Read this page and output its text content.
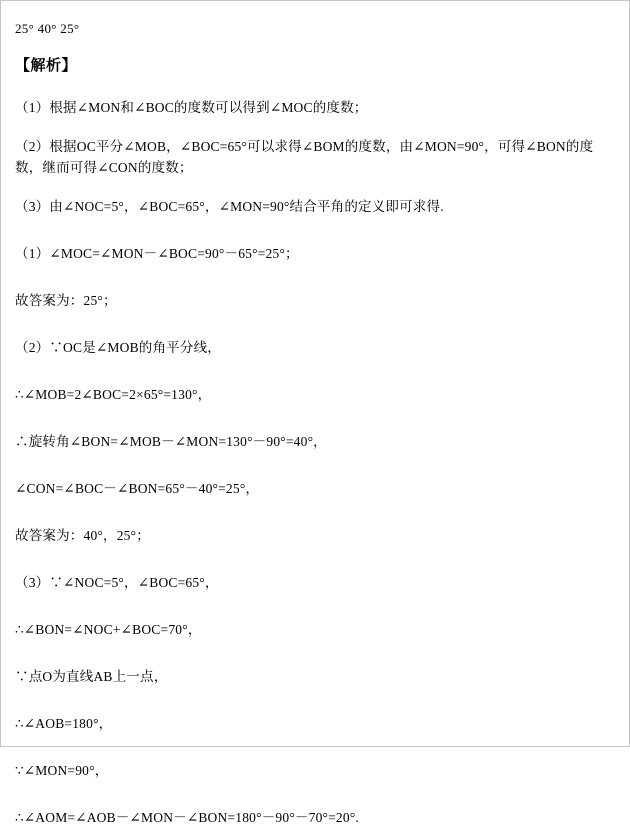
25° 40° 25°
【解析】
（1）根据∠MON和∠BOC的度数可以得到∠MOC的度数；
（2）根据OC平分∠MOB，∠BOC=65°可以求得∠BOM的度数，由∠MON=90°，可得∠BON的度数，继而可得∠CON的度数；
（3）由∠NOC=5°，∠BOC=65°，∠MON=90°结合平角的定义即可求得.
（1）∠MOC=∠MON－∠BOC=90°－65°=25°；
故答案为：25°；
（2）∵OC是∠MOB的角平分线，
∴∠MOB=2∠BOC=2×65°=130°，
∴旋转角∠BON=∠MOB－∠MON=130°－90°=40°，
∠CON=∠BOC－∠BON=65°－40°=25°，
故答案为：40°，25°；
（3）∵∠NOC=5°，∠BOC=65°，
∴∠BON=∠NOC+∠BOC=70°，
∵点O为直线AB上一点，
∴∠AOB=180°，
∵∠MON=90°，
∴∠AOM=∠AOB－∠MON－∠BON=180°－90°－70°=20°.
